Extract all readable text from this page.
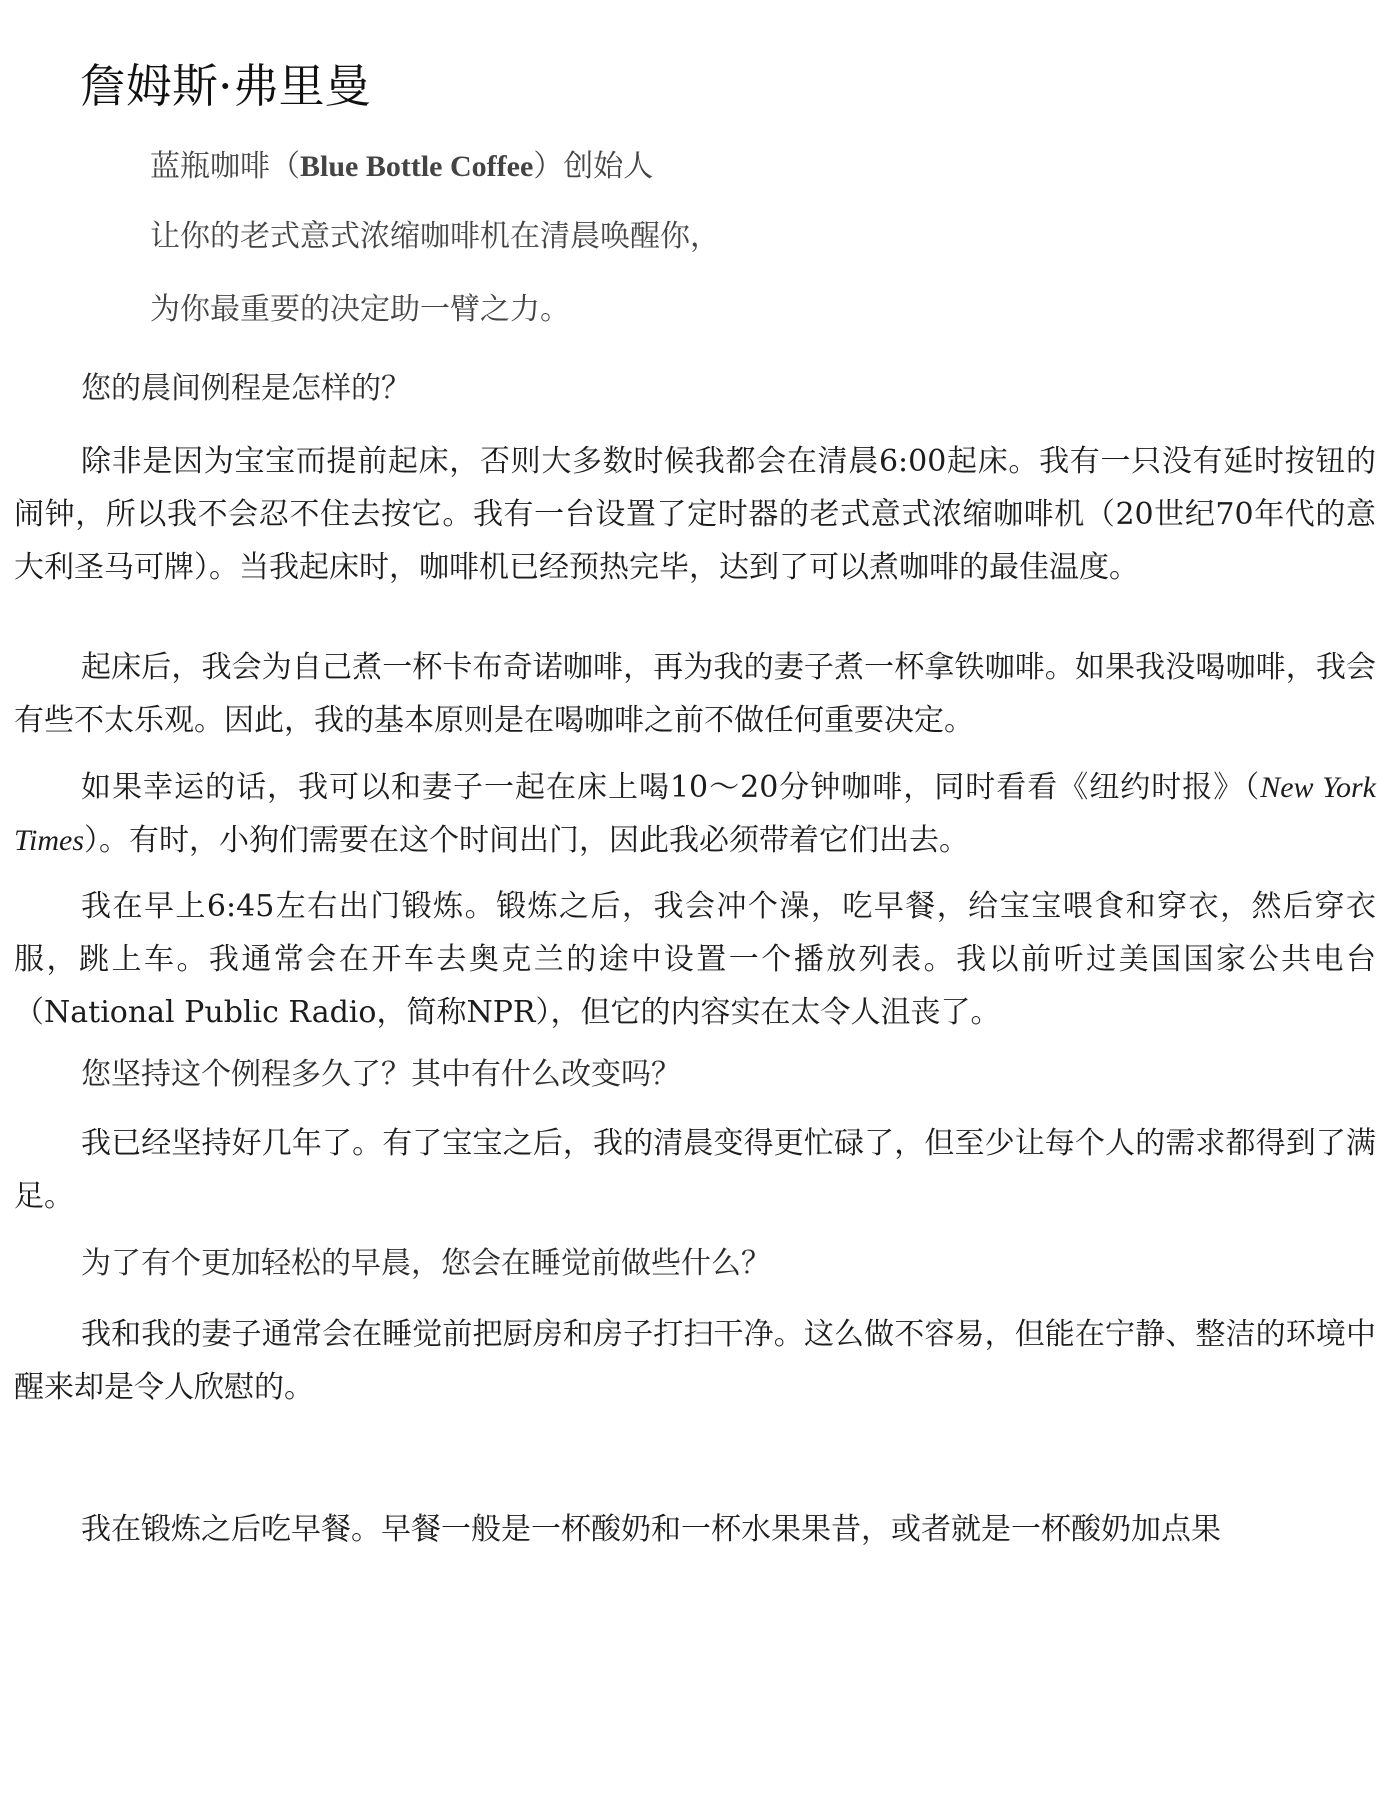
詹姆斯·弗里曼
蓝瓶咖啡（Blue Bottle Coffee）创始人
让你的老式意式浓缩咖啡机在清晨唤醒你，
为你最重要的决定助一臂之力。

您的晨间例程是怎样的？

除非是因为宝宝而提前起床，否则大多数时候我都会在清晨6:00起床。我有一只没有延时按钮的闹钟，所以我不会忍不住去按它。我有一台设置了定时器的老式意式浓缩咖啡机（20世纪70年代的意大利圣马可牌）。当我起床时，咖啡机已经预热完毕，达到了可以煮咖啡的最佳温度。

起床后，我会为自己煮一杯卡布奇诺咖啡，再为我的妻子煮一杯拿铁咖啡。如果我没喝咖啡，我会有些不太乐观。因此，我的基本原则是在喝咖啡之前不做任何重要决定。

如果幸运的话，我可以和妻子一起在床上喝10～20分钟咖啡，同时看看《纽约时报》（New York Times）。有时，小狗们需要在这个时间出门，因此我必须带着它们出去。

我在早上6:45左右出门锻炼。锻炼之后，我会冲个澡，吃早餐，给宝宝喂食和穿衣，然后穿衣服，跳上车。我通常会在开车去奥克兰的途中设置一个播放列表。我以前听过美国国家公共电台（National Public Radio，简称NPR），但它的内容实在太令人沮丧了。

您坚持这个例程多久了？其中有什么改变吗？

我已经坚持好几年了。有了宝宝之后，我的清晨变得更忙碌了，但至少让每个人的需求都得到了满足。

为了有个更加轻松的早晨，您会在睡觉前做些什么？

我和我的妻子通常会在睡觉前把厨房和房子打扫干净。这么做不容易，但能在宁静、整洁的环境中醒来却是令人欣慰的。

我在锻炼之后吃早餐。早餐一般是一杯酸奶和一杯水果果昔，或者就是一杯酸奶加点果
